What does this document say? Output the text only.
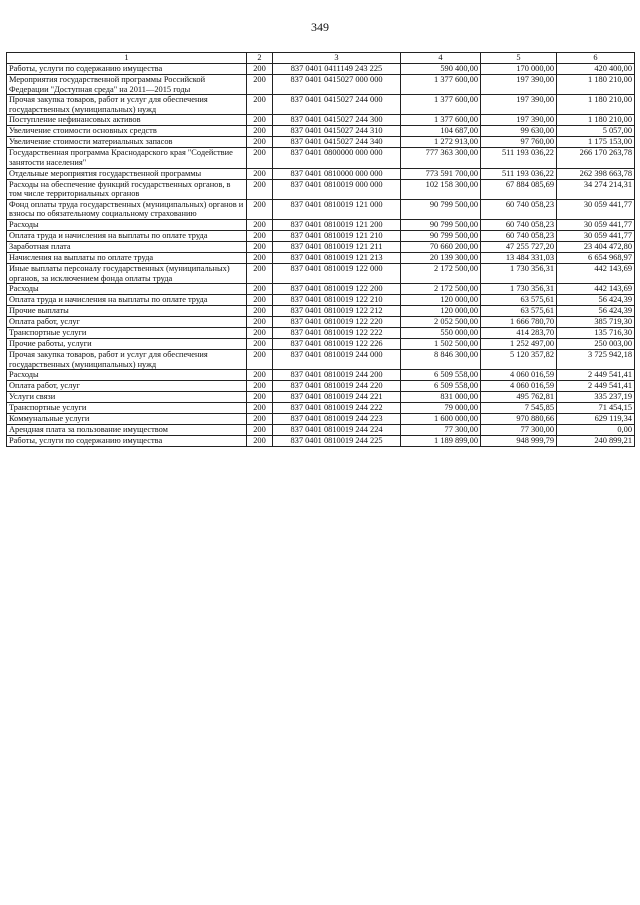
349
1	2	3	4	5	6
Работы, услуги по содержанию имущества	200	837 0401 0411149 243 225	590 400,00	170 000,00	420 400,00
Мероприятия государственной программы Российской Федерации "Доступная среда" на 2011—2015 годы	200	837 0401 0415027 000 000	1 377 600,00	197 390,00	1 180 210,00
Прочая закупка товаров, работ и услуг для обеспечения государственных (муниципальных) нужд	200	837 0401 0415027 244 000	1 377 600,00	197 390,00	1 180 210,00
Поступление нефинансовых активов	200	837 0401 0415027 244 300	1 377 600,00	197 390,00	1 180 210,00
Увеличение стоимости основных средств	200	837 0401 0415027 244 310	104 687,00	99 630,00	5 057,00
Увеличение стоимости материальных запасов	200	837 0401 0415027 244 340	1 272 913,00	97 760,00	1 175 153,00
Государственная программа Краснодарского края "Содействие занятости населения"	200	837 0401 0800000 000 000	777 363 300,00	511 193 036,22	266 170 263,78
Отдельные мероприятия государственной программы	200	837 0401 0810000 000 000	773 591 700,00	511 193 036,22	262 398 663,78
Расходы на обеспечение функций государственных органов, в том числе территориальных органов	200	837 0401 0810019 000 000	102 158 300,00	67 884 085,69	34 274 214,31
Фонд оплаты труда государственных (муниципальных) органов и взносы по обязательному социальному страхованию	200	837 0401 0810019 121 000	90 799 500,00	60 740 058,23	30 059 441,77
Расходы	200	837 0401 0810019 121 200	90 799 500,00	60 740 058,23	30 059 441,77
Оплата труда и начисления на выплаты по оплате труда	200	837 0401 0810019 121 210	90 799 500,00	60 740 058,23	30 059 441,77
Заработная плата	200	837 0401 0810019 121 211	70 660 200,00	47 255 727,20	23 404 472,80
Начисления на выплаты по оплате труда	200	837 0401 0810019 121 213	20 139 300,00	13 484 331,03	6 654 968,97
Иные выплаты персоналу государственных (муниципальных) органов, за исключением фонда оплаты труда	200	837 0401 0810019 122 000	2 172 500,00	1 730 356,31	442 143,69
Расходы	200	837 0401 0810019 122 200	2 172 500,00	1 730 356,31	442 143,69
Оплата труда и начисления на выплаты по оплате труда	200	837 0401 0810019 122 210	120 000,00	63 575,61	56 424,39
Прочие выплаты	200	837 0401 0810019 122 212	120 000,00	63 575,61	56 424,39
Оплата работ, услуг	200	837 0401 0810019 122 220	2 052 500,00	1 666 780,70	385 719,30
Транспортные услуги	200	837 0401 0810019 122 222	550 000,00	414 283,70	135 716,30
Прочие работы, услуги	200	837 0401 0810019 122 226	1 502 500,00	1 252 497,00	250 003,00
Прочая закупка товаров, работ и услуг для обеспечения государственных (муниципальных) нужд	200	837 0401 0810019 244 000	8 846 300,00	5 120 357,82	3 725 942,18
Расходы	200	837 0401 0810019 244 200	6 509 558,00	4 060 016,59	2 449 541,41
Оплата работ, услуг	200	837 0401 0810019 244 220	6 509 558,00	4 060 016,59	2 449 541,41
Услуги связи	200	837 0401 0810019 244 221	831 000,00	495 762,81	335 237,19
Транспортные услуги	200	837 0401 0810019 244 222	79 000,00	7 545,85	71 454,15
Коммунальные услуги	200	837 0401 0810019 244 223	1 600 000,00	970 880,66	629 119,34
Арендная плата за пользование имуществом	200	837 0401 0810019 244 224	77 300,00	77 300,00	0,00
Работы, услуги по содержанию имущества	200	837 0401 0810019 244 225	1 189 899,00	948 999,79	240 899,21
